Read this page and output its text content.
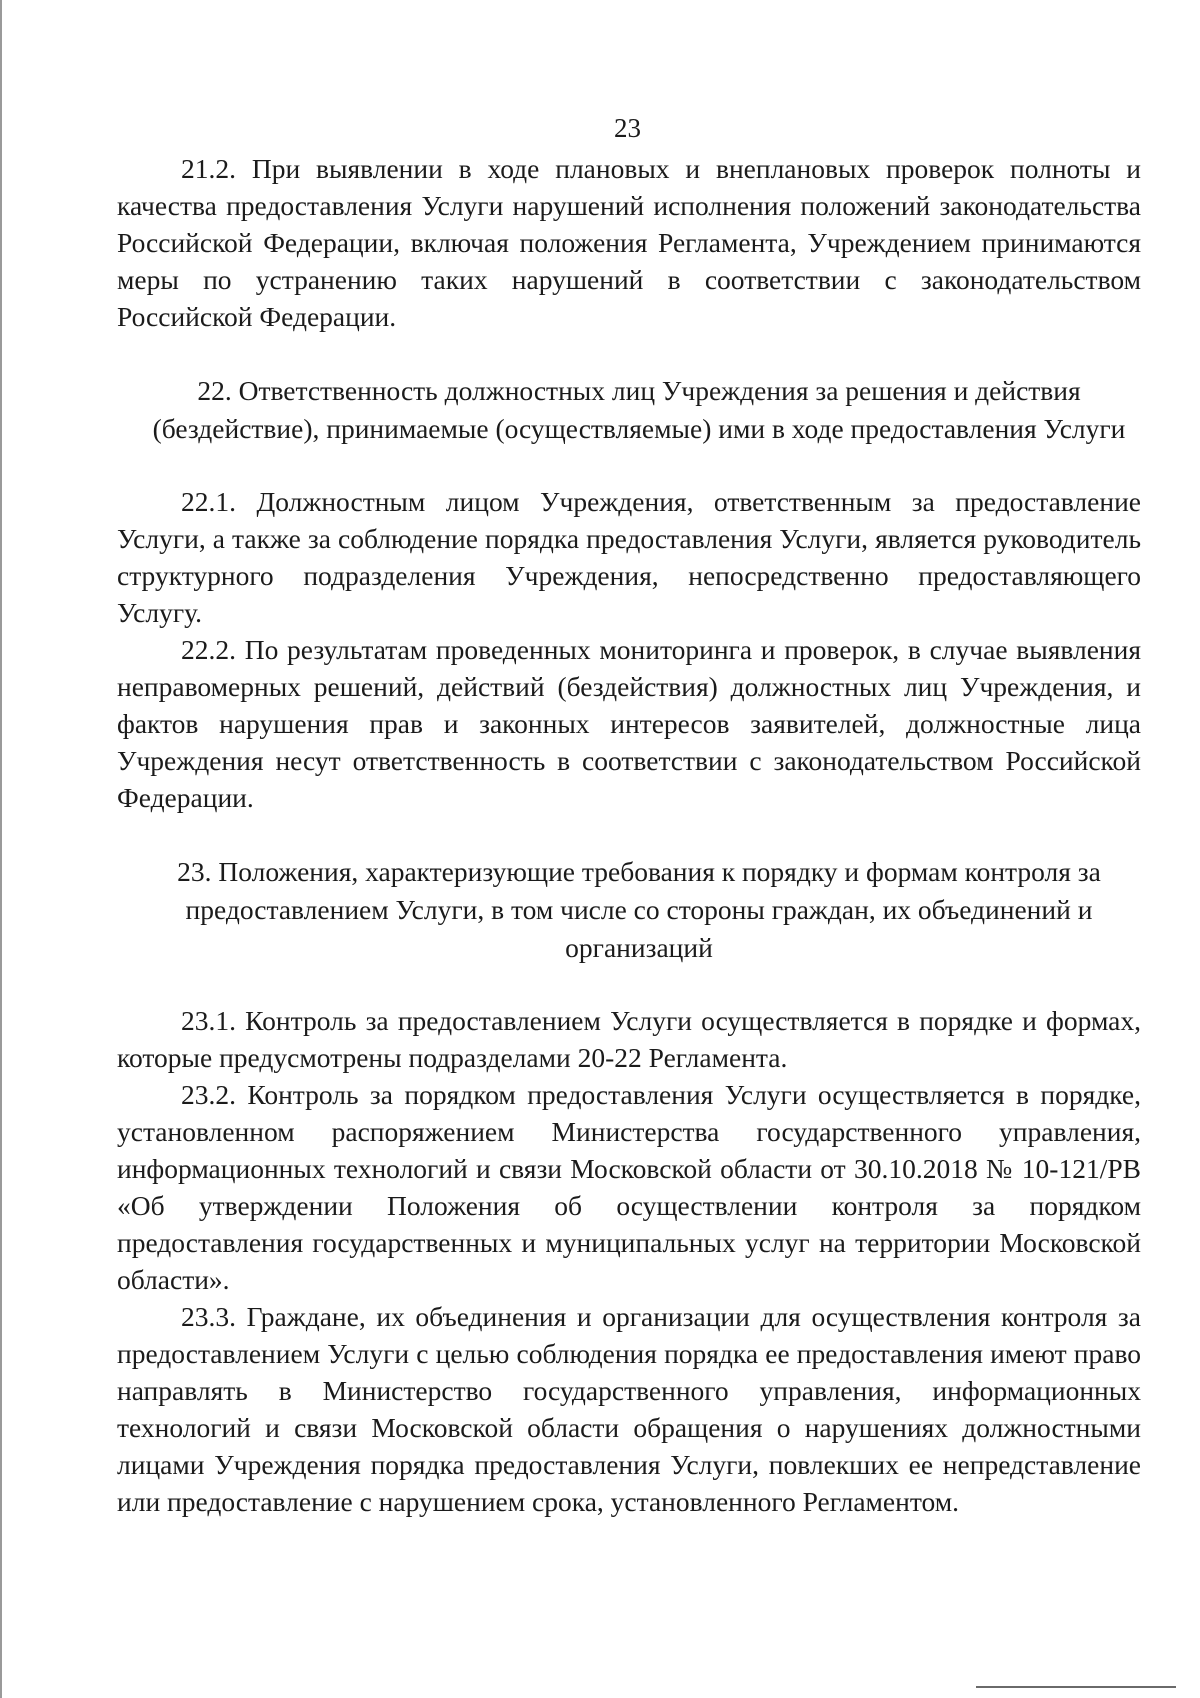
23

21.2. При выявлении в ходе плановых и внеплановых проверок полноты и качества предоставления Услуги нарушений исполнения положений законодательства Российской Федерации, включая положения Регламента, Учреждением принимаются меры по устранению таких нарушений в соответствии с законодательством Российской Федерации.

22. Ответственность должностных лиц Учреждения за решения и действия (бездействие), принимаемые (осуществляемые) ими в ходе предоставления Услуги

22.1. Должностным лицом Учреждения, ответственным за предоставление Услуги, а также за соблюдение порядка предоставления Услуги, является руководитель структурного подразделения Учреждения, непосредственно предоставляющего Услугу.

22.2. По результатам проведенных мониторинга и проверок, в случае выявления неправомерных решений, действий (бездействия) должностных лиц Учреждения, и фактов нарушения прав и законных интересов заявителей, должностные лица Учреждения несут ответственность в соответствии с законодательством Российской Федерации.

23. Положения, характеризующие требования к порядку и формам контроля за предоставлением Услуги, в том числе со стороны граждан, их объединений и организаций

23.1. Контроль за предоставлением Услуги осуществляется в порядке и формах, которые предусмотрены подразделами 20-22 Регламента.

23.2. Контроль за порядком предоставления Услуги осуществляется в порядке, установленном распоряжением Министерства государственного управления, информационных технологий и связи Московской области от 30.10.2018 № 10-121/РВ «Об утверждении Положения об осуществлении контроля за порядком предоставления государственных и муниципальных услуг на территории Московской области».

23.3. Граждане, их объединения и организации для осуществления контроля за предоставлением Услуги с целью соблюдения порядка ее предоставления имеют право направлять в Министерство государственного управления, информационных технологий и связи Московской области обращения о нарушениях должностными лицами Учреждения порядка предоставления Услуги, повлекших ее непредставление или предоставление с нарушением срока, установленного Регламентом.
